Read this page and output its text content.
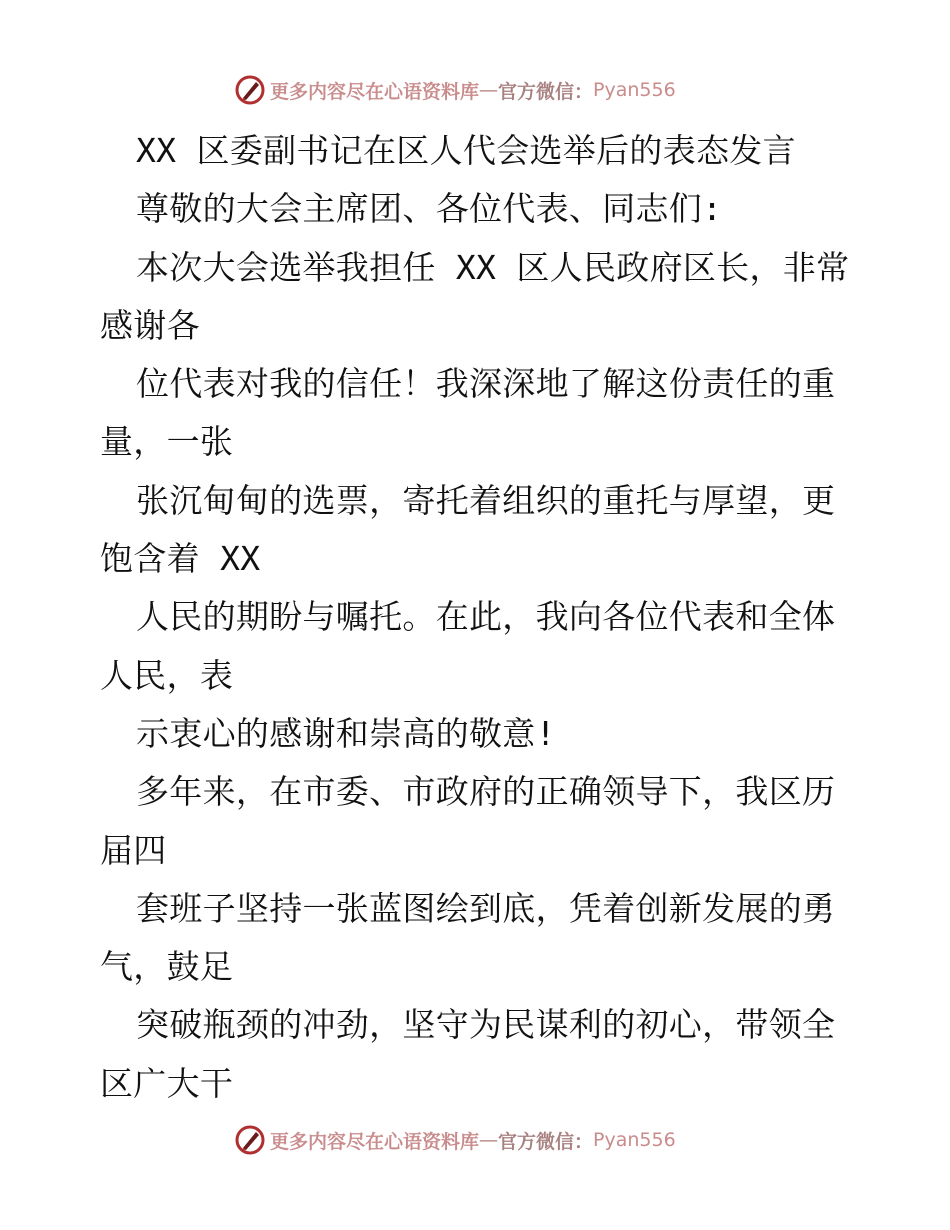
更多内容尽在心语资料库 — 官方微信： Pyan556
XX 区委副书记在区人代会选举后的表态发言
尊敬的大会主席团、各位代表、同志们:
本次大会选举我担任 XX 区人民政府区长，非常
感谢各
位代表对我的信任！我深深地了解这份责任的重
量，一张
张沉甸甸的选票，寄托着组织的重托与厚望，更
饱含着 XX
人民的期盼与嘱托。在此，我向各位代表和全体
人民，表
示衷心的感谢和崇高的敬意!
多年来，在市委、市政府的正确领导下，我区历
届四
套班子坚持一张蓝图绘到底，凭着创新发展的勇
气，鼓足
突破瓶颈的冲劲，坚守为民谋利的初心，带领全
区广大干
更多内容尽在心语资料库 — 官方微信： Pyan556
